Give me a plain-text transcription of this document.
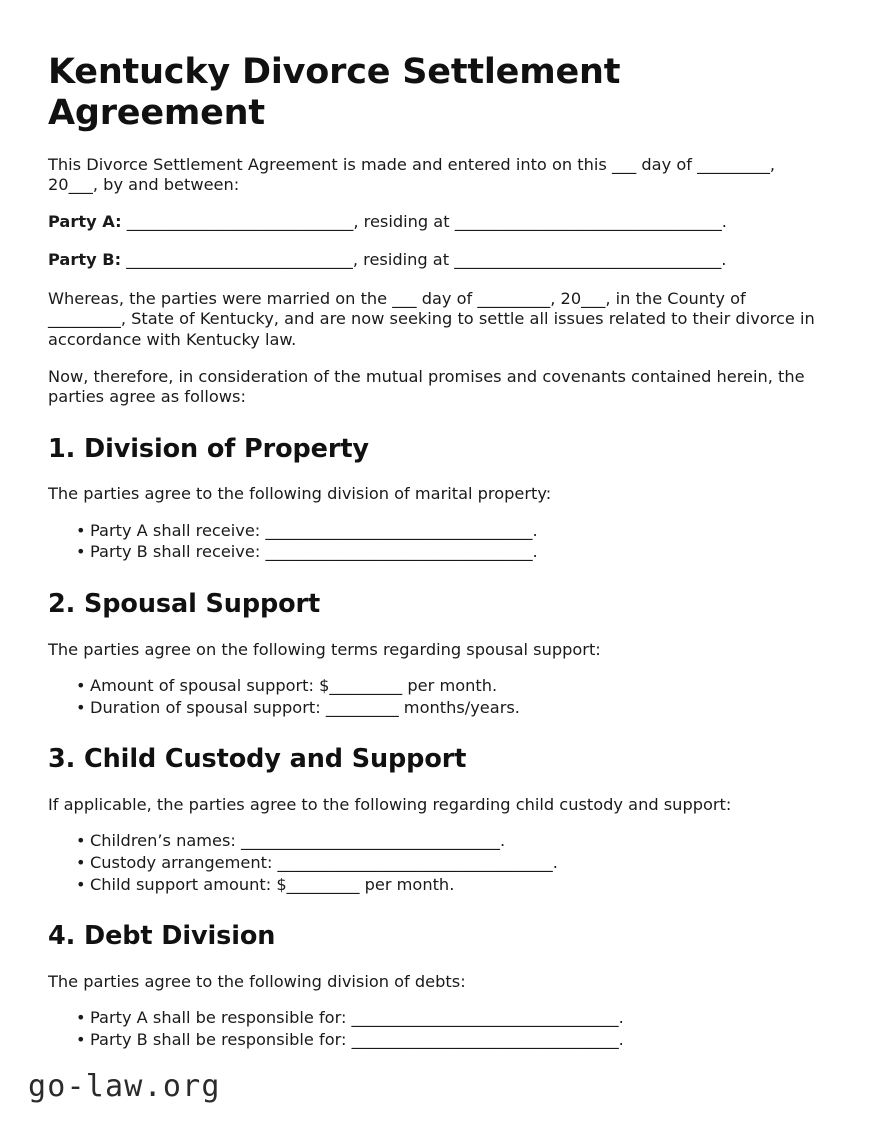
Kentucky Divorce Settlement Agreement

This Divorce Settlement Agreement is made and entered into on this ___ day of _________, 20___, by and between:

Party A: ____________________________, residing at _________________________________.
Party B: ____________________________, residing at _________________________________.

Whereas, the parties were married on the ___ day of _________, 20___, in the County of _________, State of Kentucky, and are now seeking to settle all issues related to their divorce in accordance with Kentucky law.

Now, therefore, in consideration of the mutual promises and covenants contained herein, the parties agree as follows:

1. Division of Property

The parties agree to the following division of marital property:

• Party A shall receive: _________________________________.
• Party B shall receive: _________________________________.
2. Spousal Support

The parties agree on the following terms regarding spousal support:

• Amount of spousal support: $_________ per month.
• Duration of spousal support: _________ months/years.
3. Child Custody and Support

If applicable, the parties agree to the following regarding child custody and support:

• Children’s names: ________________________________.
• Custody arrangement: __________________________________.
• Child support amount: $_________ per month.
4. Debt Division

The parties agree to the following division of debts:

• Party A shall be responsible for: _________________________________.
• Party B shall be responsible for: _________________________________.
go-law.org
